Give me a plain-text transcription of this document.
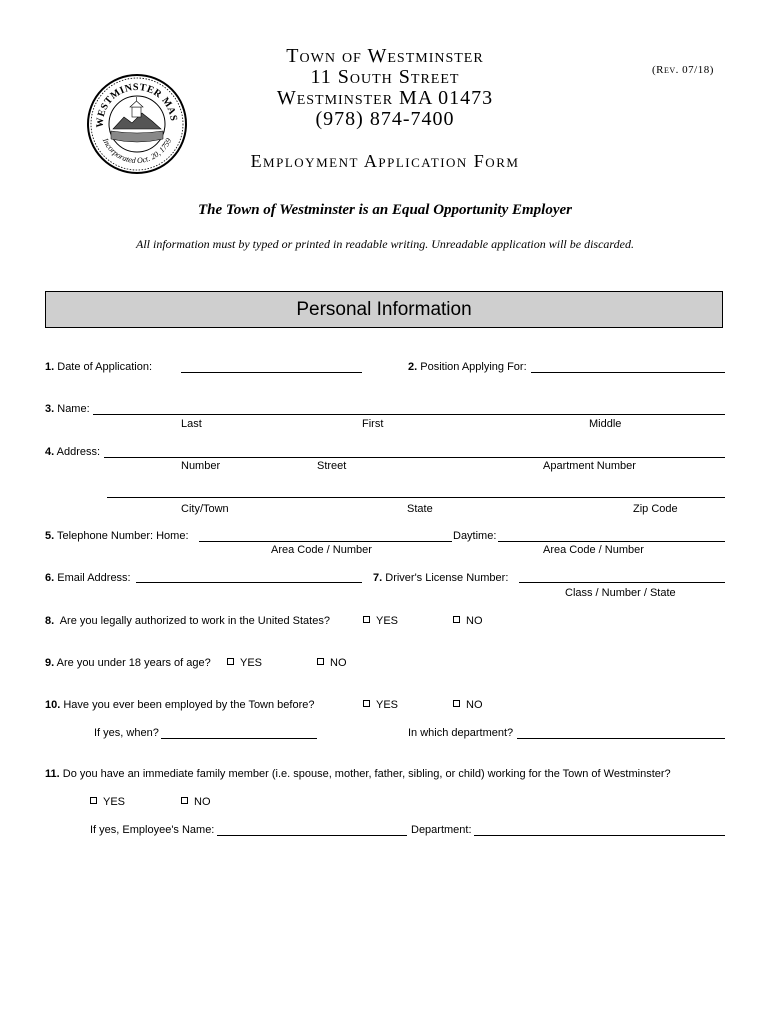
WESTMINSTER MAS
Incorporated Oct. 20, 1759
Town of Westminster
11 South Street
Westminster MA 01473
(978) 874-7400
(Rev. 07/18)
Employment Application Form
The Town of Westminster is an Equal Opportunity Employer
All information must by typed or printed in readable writing. Unreadable application will be discarded.
Personal Information
1. Date of Application:	2. Position Applying For:
3. Name:
Last	First	Middle
4. Address:
Number	Street	Apartment Number
City/Town	State	Zip Code
5. Telephone Number: Home:	Daytime:
Area Code / Number	Area Code / Number
6. Email Address:	7. Driver's License Number:
Class / Number / State
8. Are you legally authorized to work in the United States?	YES	NO
9. Are you under 18 years of age?	YES	NO
10. Have you ever been employed by the Town before?	YES	NO
If yes, when?	In which department?
11. Do you have an immediate family member (i.e. spouse, mother, father, sibling, or child) working for the Town of Westminster?
YES	NO
If yes, Employee's Name:	Department:
